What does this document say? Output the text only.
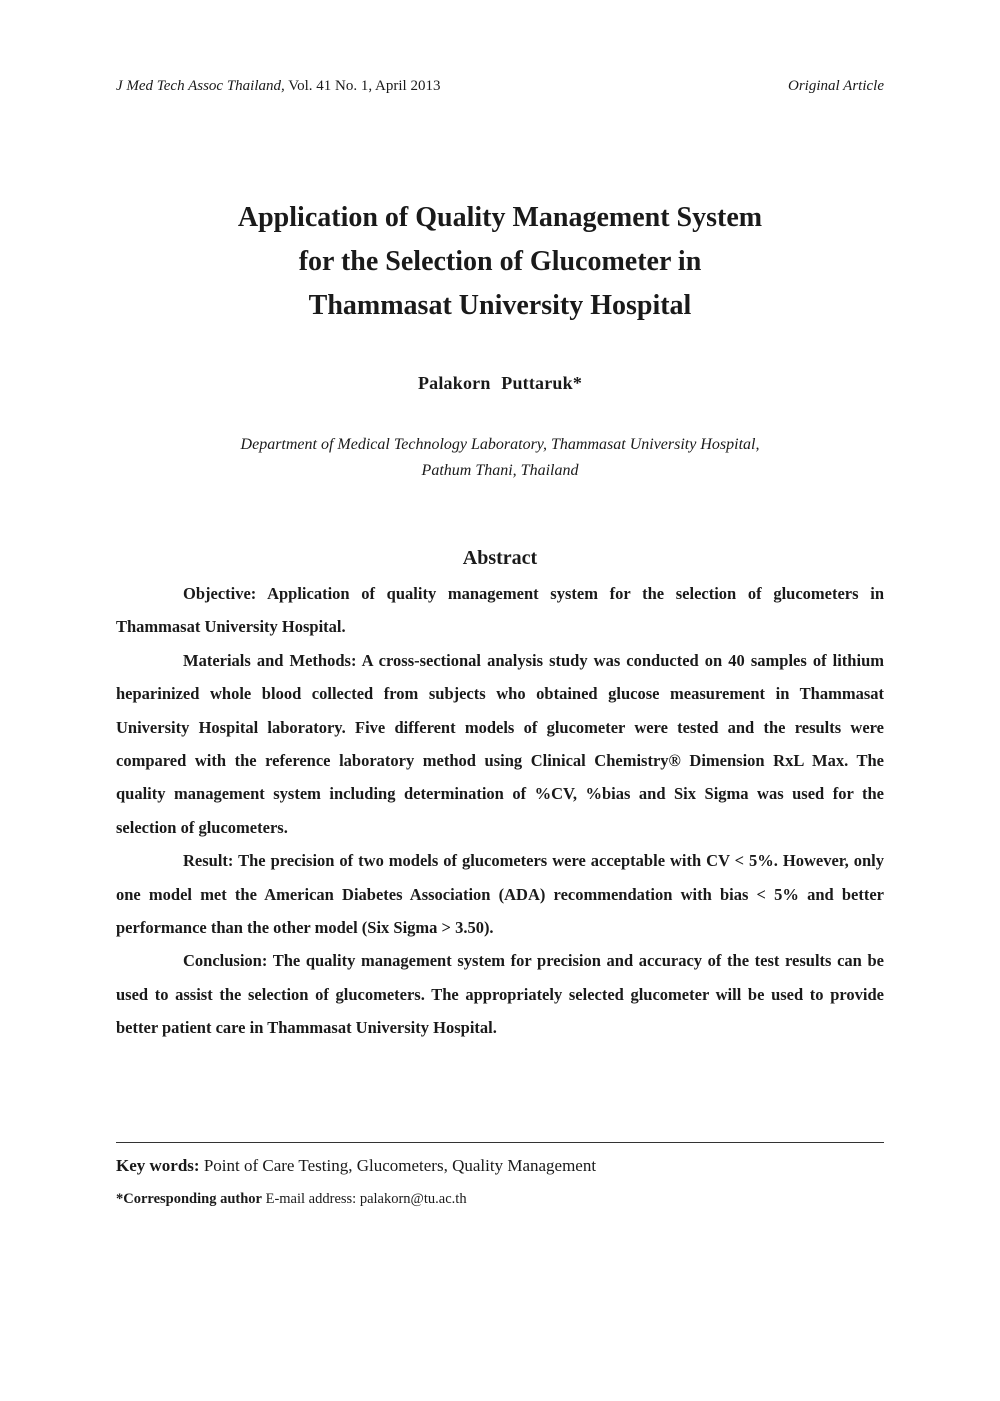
J Med Tech Assoc Thailand, Vol. 41 No. 1, April 2013	Original Article
Application of Quality Management System
for the Selection of Glucometer in
Thammasat University Hospital
Palakorn Puttaruk*
Department of Medical Technology Laboratory, Thammasat University Hospital,
Pathum Thani, Thailand
Abstract

Objective: Application of quality management system for the selection of glucometers in Thammasat University Hospital.

Materials and Methods: A cross-sectional analysis study was conducted on 40 samples of lithium heparinized whole blood collected from subjects who obtained glucose measurement in Thammasat University Hospital laboratory. Five different models of glucometer were tested and the results were compared with the reference laboratory method using Clinical Chemistry® Dimension RxL Max. The quality management system including determination of %CV, %bias and Six Sigma was used for the selection of glucometers.

Result: The precision of two models of glucometers were acceptable with CV < 5%. However, only one model met the American Diabetes Association (ADA) recommendation with bias < 5% and better performance than the other model (Six Sigma > 3.50).

Conclusion: The quality management system for precision and accuracy of the test results can be used to assist the selection of glucometers. The appropriately selected glucometer will be used to provide better patient care in Thammasat University Hospital.

Key words: Point of Care Testing, Glucometers, Quality Management
*Corresponding author E-mail address: palakorn@tu.ac.th
